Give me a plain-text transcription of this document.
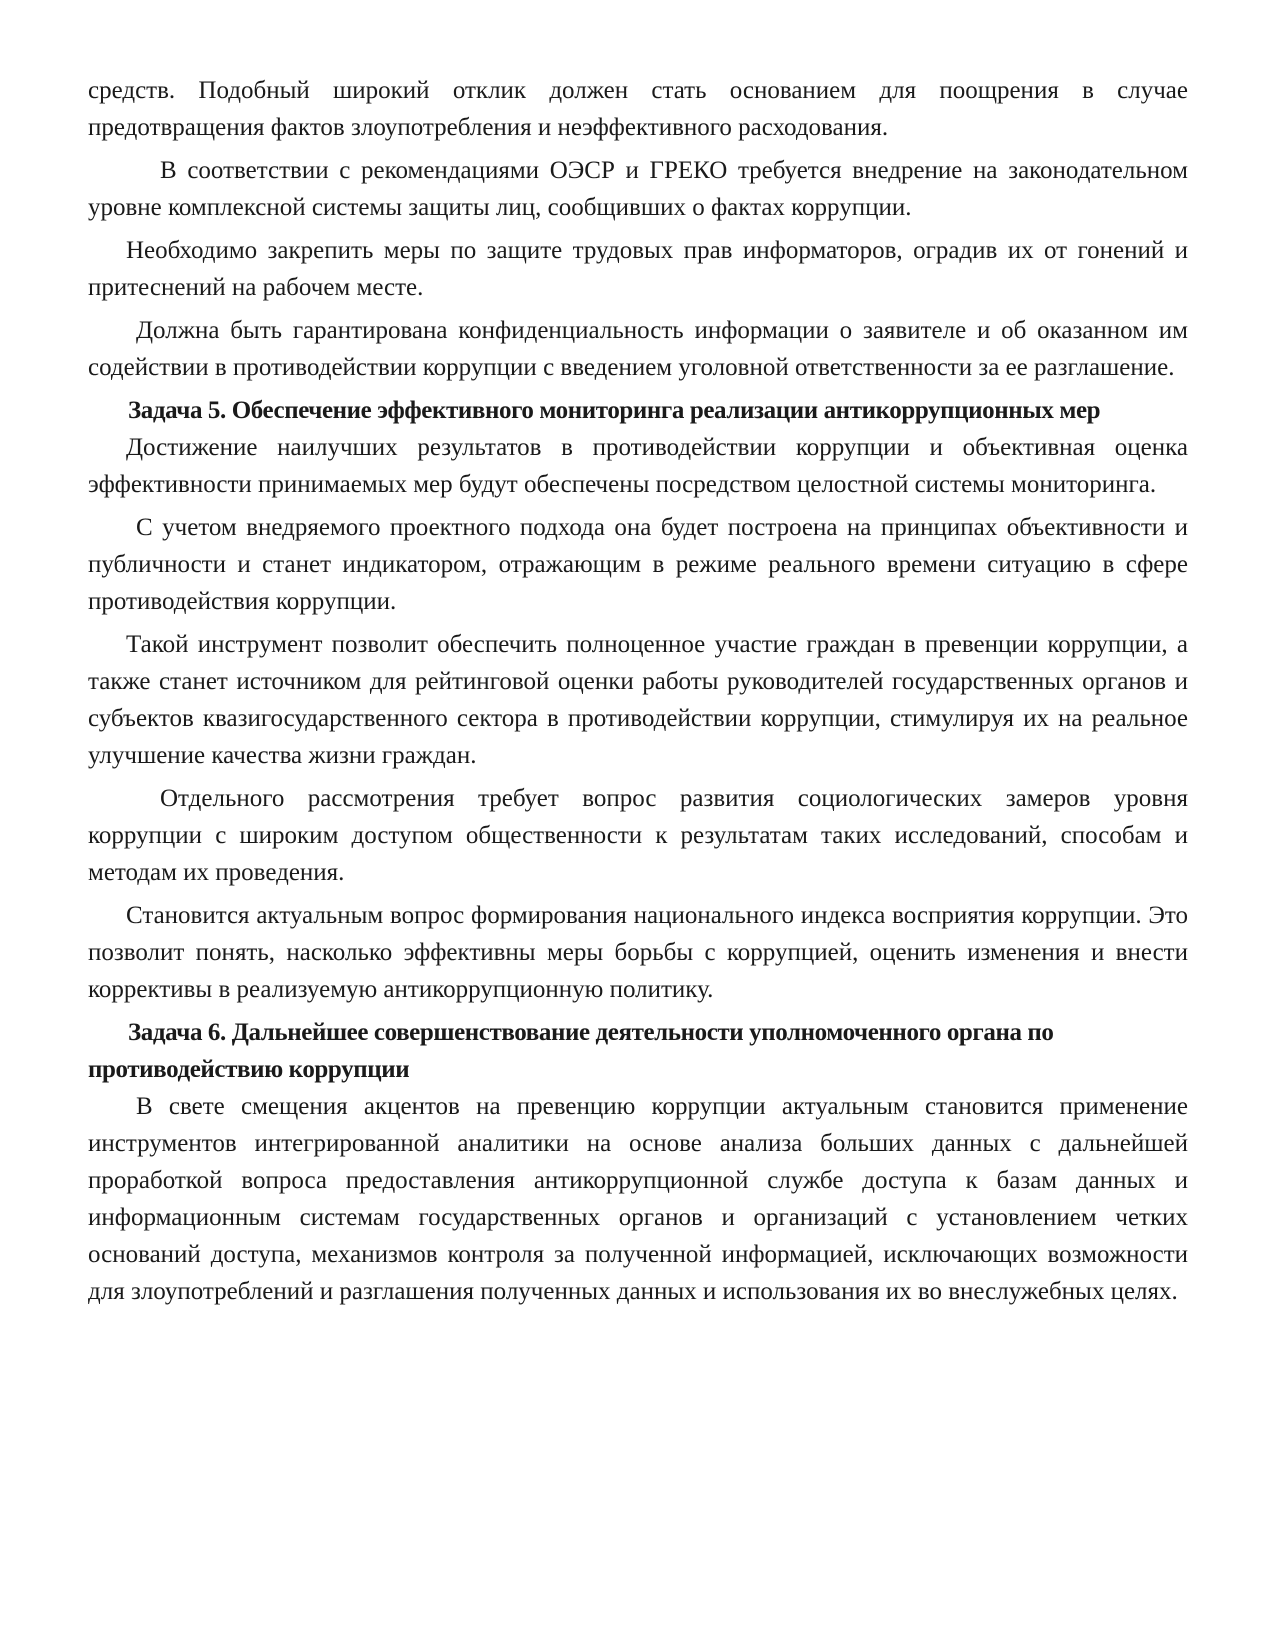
средств. Подобный широкий отклик должен стать основанием для поощрения в случае предотвращения фактов злоупотребления и неэффективного расходования.

В соответствии с рекомендациями ОЭСР и ГРЕКО требуется внедрение на законодательном уровне комплексной системы защиты лиц, сообщивших о фактах коррупции.

Необходимо закрепить меры по защите трудовых прав информаторов, оградив их от гонений и притеснений на рабочем месте.

Должна быть гарантирована конфиденциальность информации о заявителе и об оказанном им содействии в противодействии коррупции с введением уголовной ответственности за ее разглашение.

Задача 5. Обеспечение эффективного мониторинга реализации антикоррупционных мер

Достижение наилучших результатов в противодействии коррупции и объективная оценка эффективности принимаемых мер будут обеспечены посредством целостной системы мониторинга.

С учетом внедряемого проектного подхода она будет построена на принципах объективности и публичности и станет индикатором, отражающим в режиме реального времени ситуацию в сфере противодействия коррупции.

Такой инструмент позволит обеспечить полноценное участие граждан в превенции коррупции, а также станет источником для рейтинговой оценки работы руководителей государственных органов и субъектов квазигосударственного сектора в противодействии коррупции, стимулируя их на реальное улучшение качества жизни граждан.

Отдельного рассмотрения требует вопрос развития социологических замеров уровня коррупции с широким доступом общественности к результатам таких исследований, способам и методам их проведения.

Становится актуальным вопрос формирования национального индекса восприятия коррупции. Это позволит понять, насколько эффективны меры борьбы с коррупцией, оценить изменения и внести коррективы в реализуемую антикоррупционную политику.

Задача 6. Дальнейшее совершенствование деятельности уполномоченного органа по противодействию коррупции

В свете смещения акцентов на превенцию коррупции актуальным становится применение инструментов интегрированной аналитики на основе анализа больших данных с дальнейшей проработкой вопроса предоставления антикоррупционной службе доступа к базам данных и информационным системам государственных органов и организаций с установлением четких оснований доступа, механизмов контроля за полученной информацией, исключающих возможности для злоупотреблений и разглашения полученных данных и использования их во внеслужебных целях.
